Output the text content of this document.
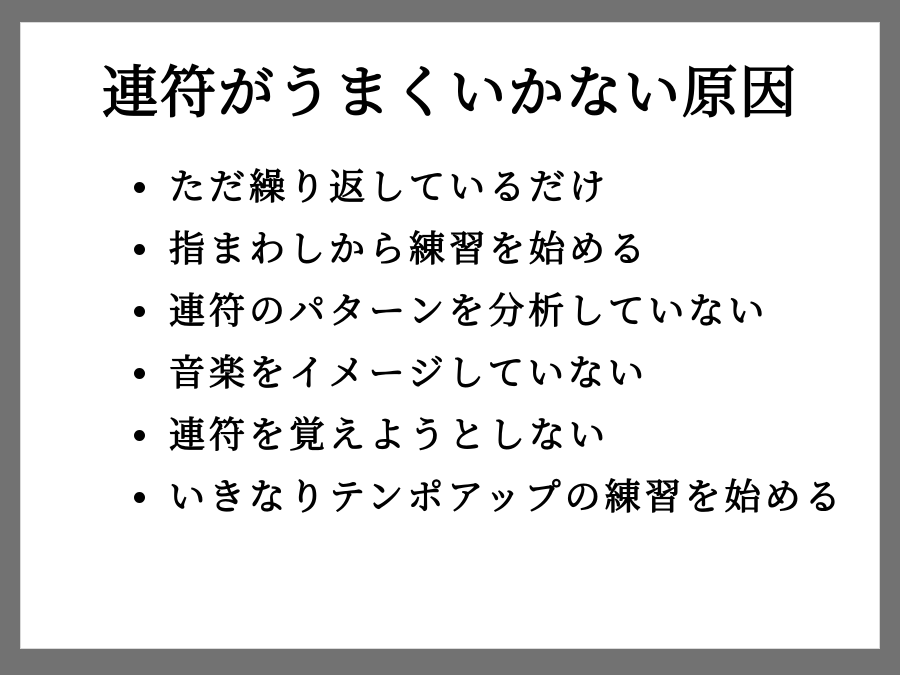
連符がうまくいかない原因
ただ繰り返しているだけ
指まわしから練習を始める
連符のパターンを分析していない
音楽をイメージしていない
連符を覚えようとしない
いきなりテンポアップの練習を始める
